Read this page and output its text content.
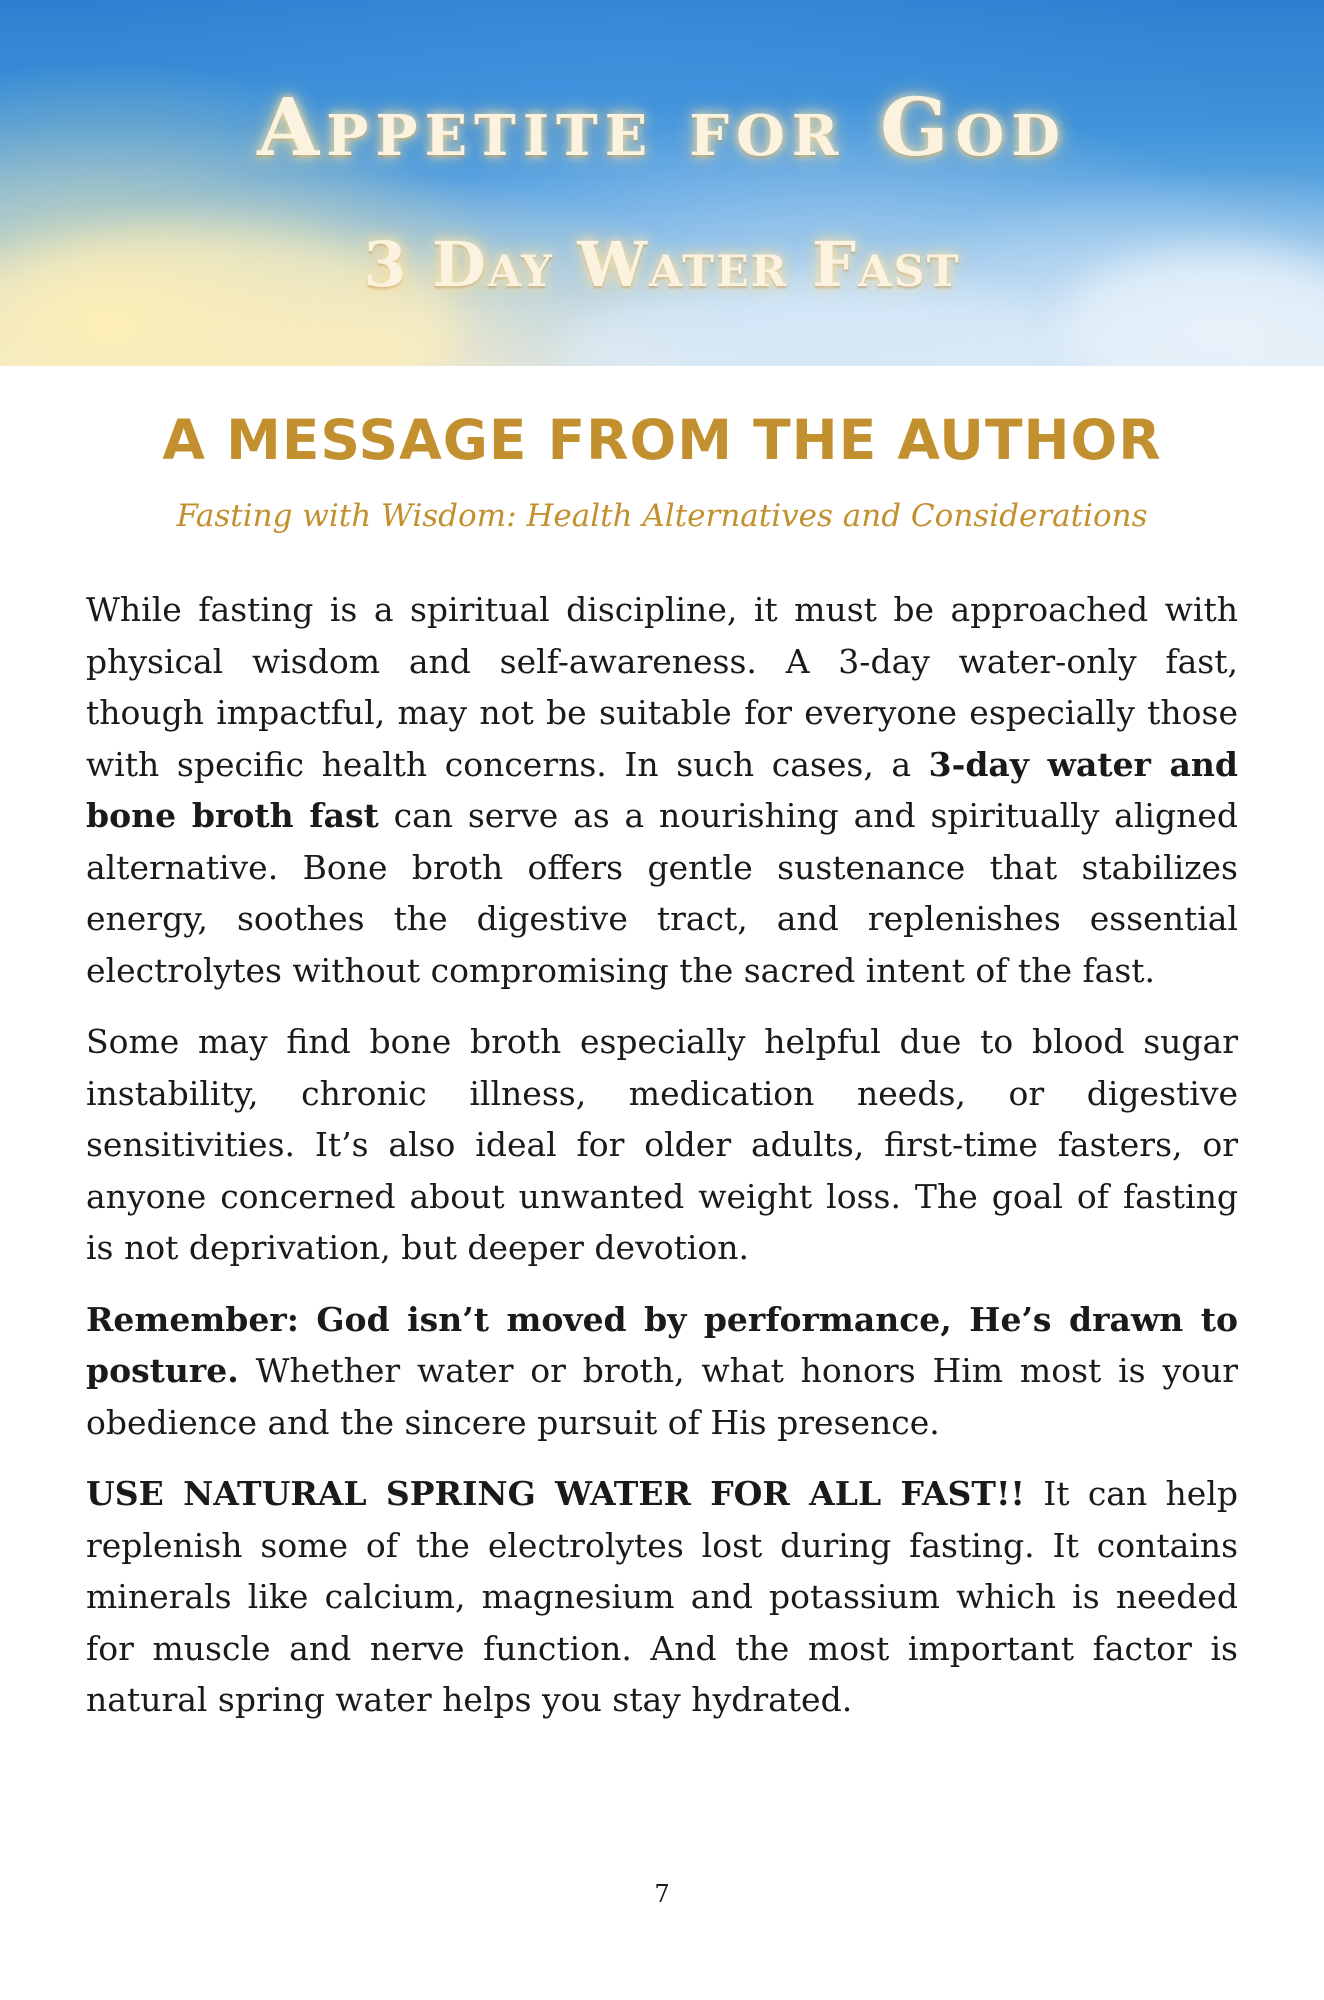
Appetite for God
3 Day Water Fast
A MESSAGE FROM THE AUTHOR
Fasting with Wisdom: Health Alternatives and Considerations

While fasting is a spiritual discipline, it must be approached with physical wisdom and self-awareness. A 3-day water-only fast, though impactful, may not be suitable for everyone especially those with specific health concerns. In such cases, a 3-day water and bone broth fast can serve as a nourishing and spiritually aligned alternative. Bone broth offers gentle sustenance that stabilizes energy, soothes the digestive tract, and replenishes essential electrolytes without compromising the sacred intent of the fast.

Some may find bone broth especially helpful due to blood sugar instability, chronic illness, medication needs, or digestive sensitivities. It’s also ideal for older adults, first-time fasters, or anyone concerned about unwanted weight loss. The goal of fasting is not deprivation, but deeper devotion.

Remember: God isn’t moved by performance, He’s drawn to posture. Whether water or broth, what honors Him most is your obedience and the sincere pursuit of His presence.

USE NATURAL SPRING WATER FOR ALL FAST!! It can help replenish some of the electrolytes lost during fasting. It contains minerals like calcium, magnesium and potassium which is needed for muscle and nerve function. And the most important factor is natural spring water helps you stay hydrated.

7
